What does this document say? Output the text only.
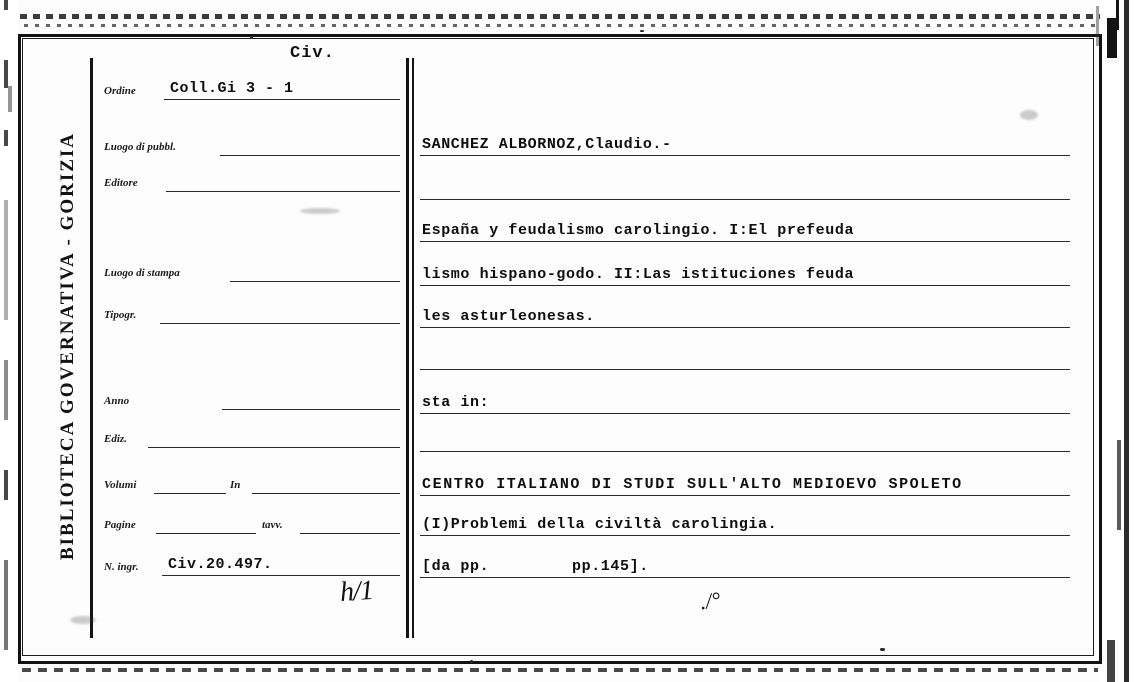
BIBLIOTECA GOVERNATIVA - GORIZIA
Civ.
Ordine Coll.Gi 3 - 1
Luogo di pubbl.
Editore
Luogo di stampa
Tipogr.
Anno
Ediz.
Volumi	In
Pagine	tavv.
N. ingr. Civ.20.497.
h/1
SANCHEZ ALBORNOZ,Claudio.-
España y feudalismo carolingio. I:El prefeuda
lismo hispano-godo. II:Las istituciones feuda
les asturleonesas.
sta in:
CENTRO ITALIANO DI STUDI SULL'ALTO MEDIOEVO SPOLETO
(I)Problemi della civiltà carolingia.
[da pp.	pp.145].
./°
